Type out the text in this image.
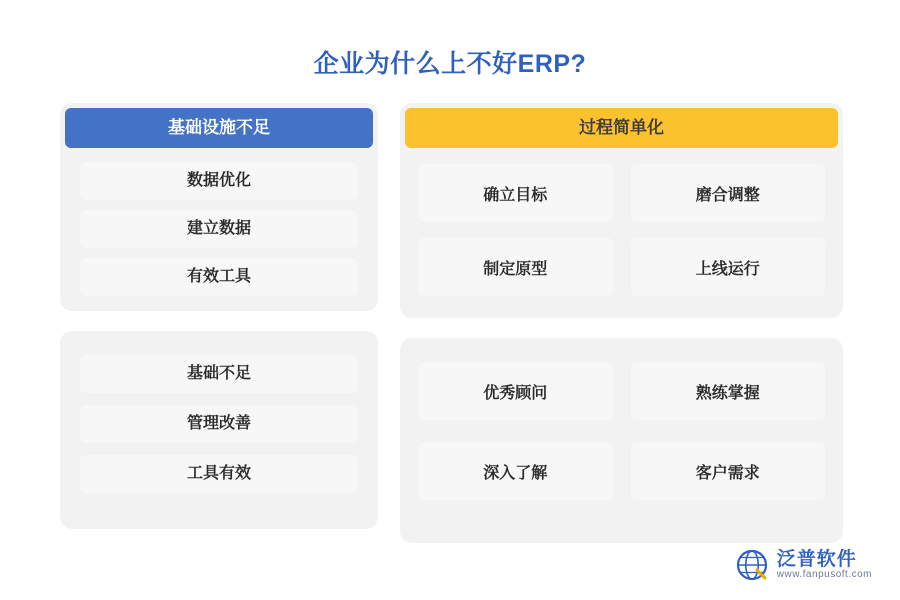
企业为什么上不好ERP?
基础设施不足
数据优化
建立数据
有效工具
基础不足
管理改善
工具有效
过程简单化
确立目标	磨合调整
制定原型	上线运行
优秀顾问	熟练掌握
深入了解	客户需求
泛普软件
www.fanpusoft.com
